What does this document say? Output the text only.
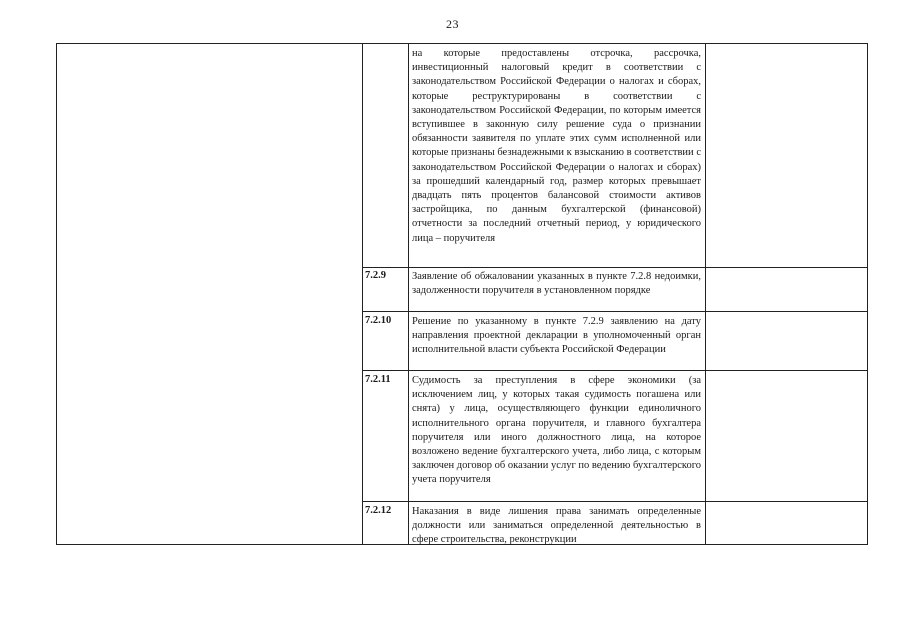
23
на которые предоставлены отсрочка, рассрочка, инвестиционный налоговый кредит в соответствии с законодательством Российской Федерации о налогах и сборах, которые реструктурированы в соответствии с законодательством Российской Федерации, по которым имеется вступившее в законную силу решение суда о признании обязанности заявителя по уплате этих сумм исполненной или которые признаны безнадежными к взысканию в соответствии с законодательством Российской Федерации о налогах и сборах) за прошедший календарный год, размер которых превышает двадцать пять процентов балансовой стоимости активов застройщика, по данным бухгалтерской (финансовой) отчетности за последний отчетный период, у юридического лица – поручителя
7.2.9	Заявление об обжаловании указанных в пункте 7.2.8 недоимки, задолженности поручителя в установленном порядке
7.2.10	Решение по указанному в пункте 7.2.9 заявлению на дату направления проектной декларации в уполномоченный орган исполнительной власти субъекта Российской Федерации
7.2.11	Судимость за преступления в сфере экономики (за исключением лиц, у которых такая судимость погашена или снята) у лица, осуществляющего функции единоличного исполнительного органа поручителя, и главного бухгалтера поручителя или иного должностного лица, на которое возложено ведение бухгалтерского учета, либо лица, с которым заключен договор об оказании услуг по ведению бухгалтерского учета поручителя
7.2.12	Наказания в виде лишения права занимать определенные должности или заниматься определенной деятельностью в сфере строительства, реконструкции
